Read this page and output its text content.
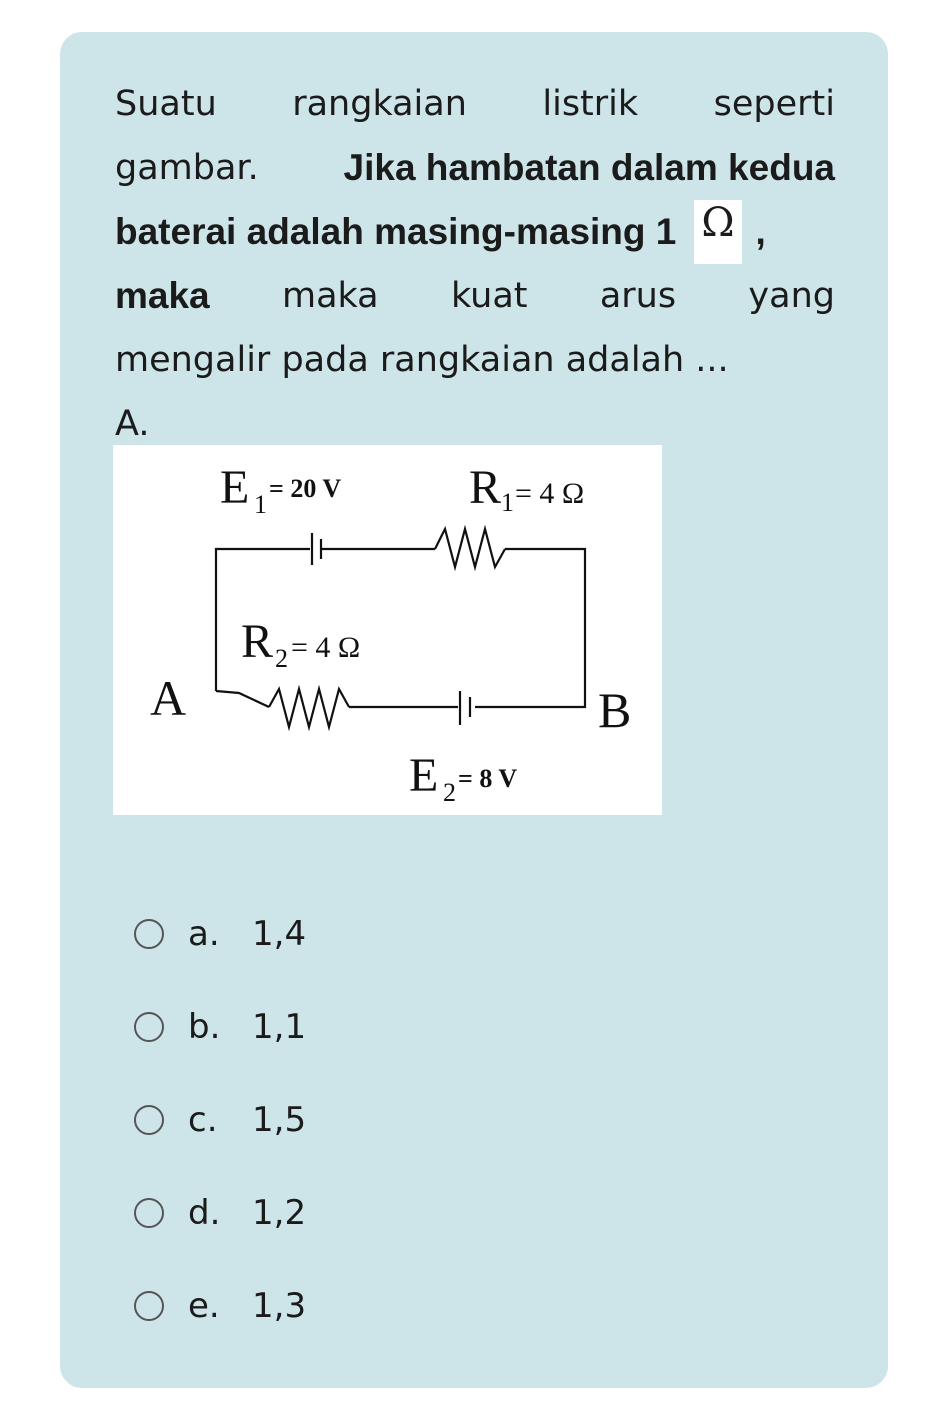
Suatu rangkaian listrik seperti
gambar. Jika hambatan dalam kedua
baterai adalah masing-masing 1 Ω ,
maka maka kuat arus yang
mengalir pada rangkaian adalah ...
A.
E 1
= 20 V	R 1 = 4 Ω
R 2 = 4 Ω
E 2 = 8 V
A	B
a. 1,4
b. 1,1
c.	1,5
d. 1,2
e. 1,3
